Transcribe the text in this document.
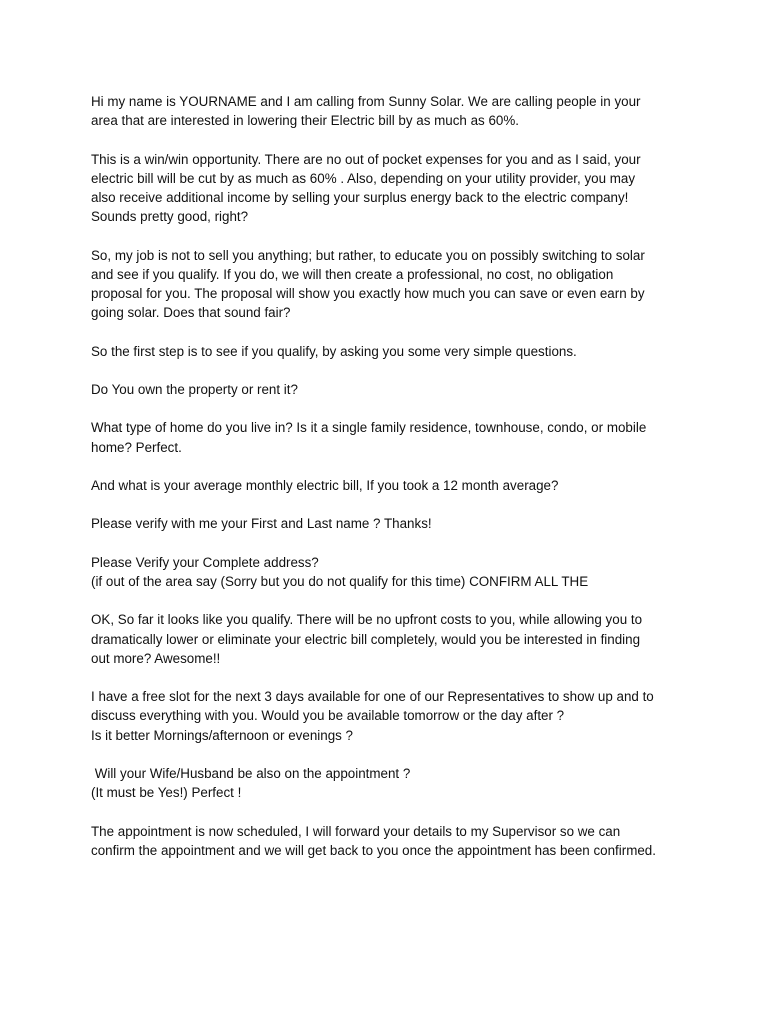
Hi my name is YOURNAME and I am calling from Sunny Solar. We are calling people in your
area that are interested in lowering their Electric bill by as much as 60%.

This is a win/win opportunity. There are no out of pocket expenses for you and as I said, your
electric bill will be cut by as much as 60% . Also, depending on your utility provider, you may
also receive additional income by selling your surplus energy back to the electric company!
Sounds pretty good, right?

So, my job is not to sell you anything; but rather, to educate you on possibly switching to solar
and see if you qualify. If you do, we will then create a professional, no cost, no obligation
proposal for you. The proposal will show you exactly how much you can save or even earn by
going solar. Does that sound fair?

So the first step is to see if you qualify, by asking you some very simple questions.

Do You own the property or rent it?

What type of home do you live in? Is it a single family residence, townhouse, condo, or mobile
home? Perfect.

And what is your average monthly electric bill, If you took a 12 month average?

Please verify with me your First and Last name ? Thanks!

Please Verify your Complete address?
(if out of the area say (Sorry but you do not qualify for this time) CONFIRM ALL THE

OK, So far it looks like you qualify. There will be no upfront costs to you, while allowing you to
dramatically lower or eliminate your electric bill completely, would you be interested in finding
out more? Awesome!!

I have a free slot for the next 3 days available for one of our Representatives to show up and to
discuss everything with you. Would you be available tomorrow or the day after ?
Is it better Mornings/afternoon or evenings ?

Will your Wife/Husband be also on the appointment ?
(It must be Yes!) Perfect !

The appointment is now scheduled, I will forward your details to my Supervisor so we can
confirm the appointment and we will get back to you once the appointment has been confirmed.
